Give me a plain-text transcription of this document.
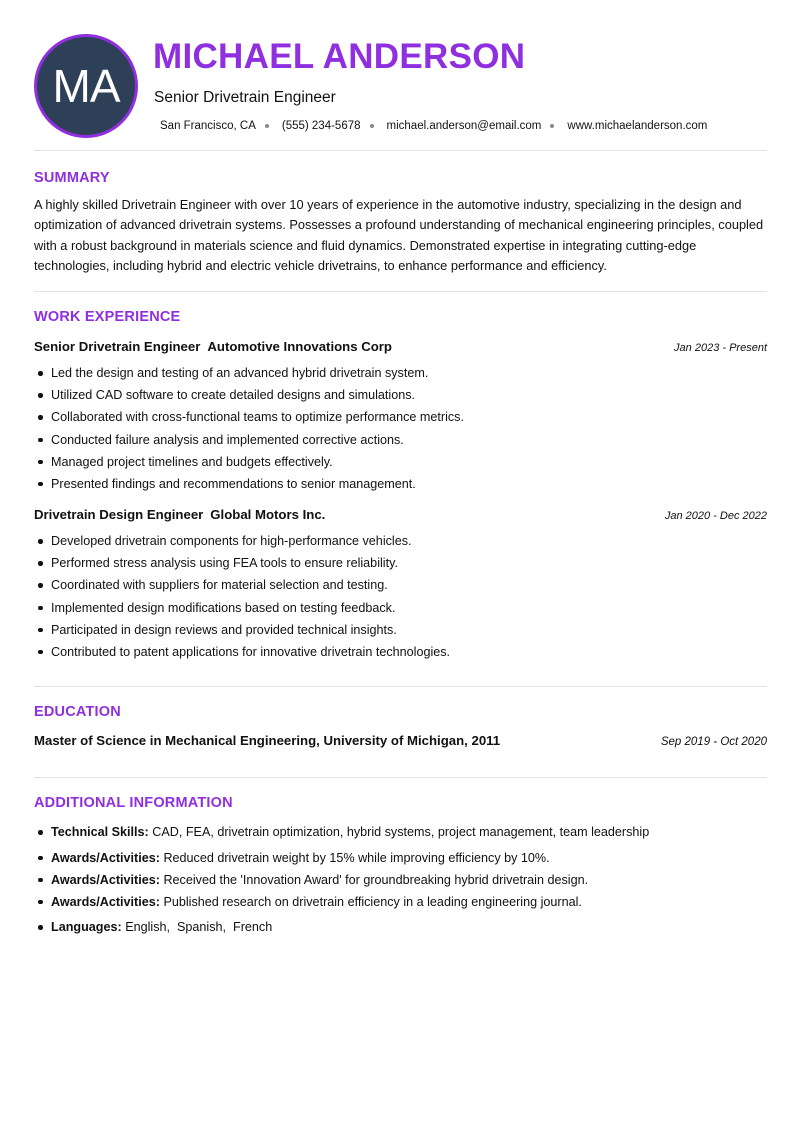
MA
MICHAEL ANDERSON
Senior Drivetrain Engineer
San Francisco, CA (555) 234-5678 michael.anderson@email.com www.michaelanderson.com
SUMMARY

A highly skilled Drivetrain Engineer with over 10 years of experience in the automotive industry, specializing in the design and optimization of advanced drivetrain systems. Possesses a profound understanding of mechanical engineering principles, coupled with a robust background in materials science and fluid dynamics. Demonstrated expertise in integrating cutting-edge technologies, including hybrid and electric vehicle drivetrains, to enhance performance and efficiency.

WORK EXPERIENCE
Senior Drivetrain Engineer Automotive Innovations Corp	Jan 2023 - Present
Led the design and testing of an advanced hybrid drivetrain system.
Utilized CAD software to create detailed designs and simulations.
Collaborated with cross-functional teams to optimize performance metrics.
Conducted failure analysis and implemented corrective actions.
Managed project timelines and budgets effectively.
Presented findings and recommendations to senior management.
Drivetrain Design Engineer Global Motors Inc.	Jan 2020 - Dec 2022
Developed drivetrain components for high-performance vehicles.
Performed stress analysis using FEA tools to ensure reliability.
Coordinated with suppliers for material selection and testing.
Implemented design modifications based on testing feedback.
Participated in design reviews and provided technical insights.
Contributed to patent applications for innovative drivetrain technologies.
EDUCATION
Master of Science in Mechanical Engineering, University of Michigan, 2011	Sep 2019 - Oct 2020
ADDITIONAL INFORMATION
Technical Skills: CAD, FEA, drivetrain optimization, hybrid systems, project management, team leadership
Awards/Activities: Reduced drivetrain weight by 15% while improving efficiency by 10%.
Awards/Activities: Received the 'Innovation Award' for groundbreaking hybrid drivetrain design.
Awards/Activities: Published research on drivetrain efficiency in a leading engineering journal.
Languages: English,  Spanish,  French
